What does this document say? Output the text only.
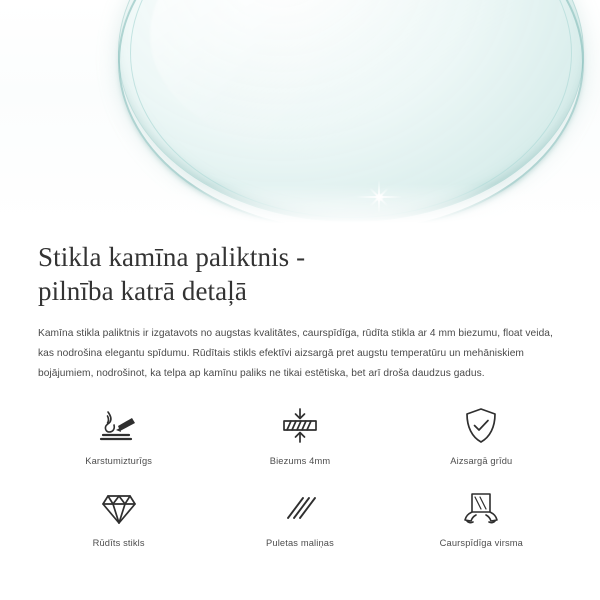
Stikla kamīna paliktnis -
pilnība katrā detaļā

Kamīna stikla paliktnis ir izgatavots no augstas kvalitātes, caurspīdīga, rūdīta stikla ar 4 mm biezumu, float veida, kas nodrošina elegantu spīdumu. Rūdītais stikls efektīvi aizsargā pret augstu temperatūru un mehāniskiem bojājumiem, nodrošinot, ka telpa ap kamīnu paliks ne tikai estētiska, bet arī droša daudzus gadus.

Karstumizturīgs	Biezums 4mm	Aizsargā grīdu
Rūdīts stikls	Puletas maliņas	Caurspīdīga virsma
